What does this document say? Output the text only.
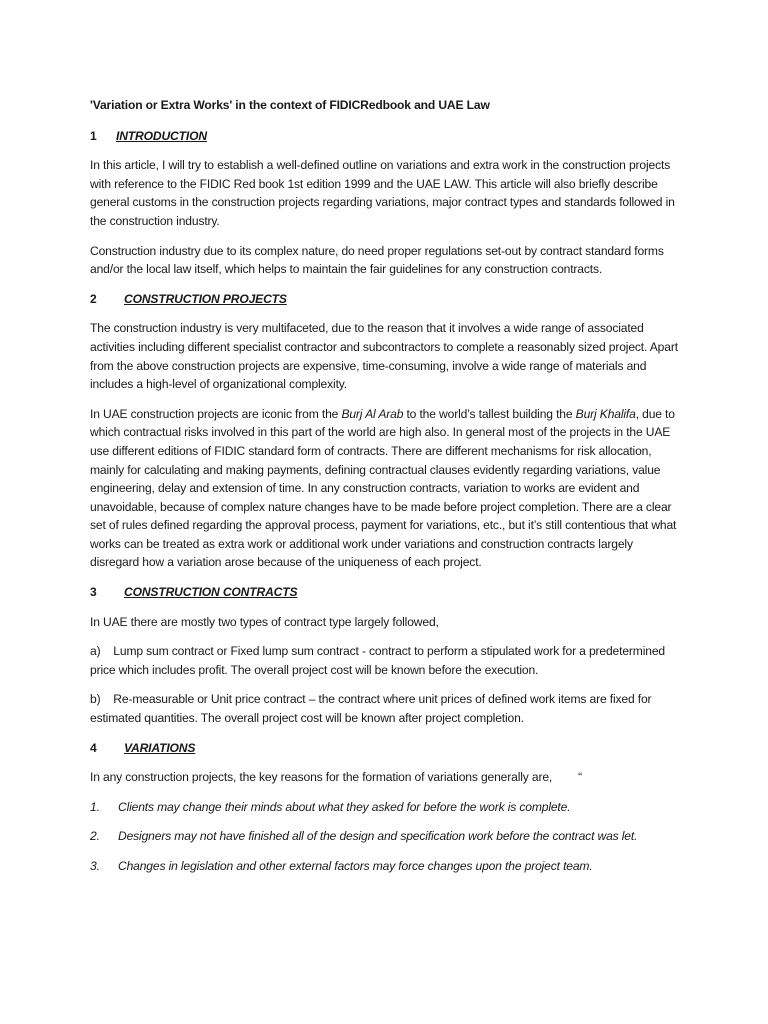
'Variation or Extra Works' in the context of FIDICRedbook and UAE Law

1 INTRODUCTION

In this article, I will try to establish a well-defined outline on variations and extra work in the construction projects with reference to the FIDIC Red book 1st edition 1999 and the UAE LAW. This article will also briefly describe general customs in the construction projects regarding variations, major contract types and standards followed in the construction industry.

Construction industry due to its complex nature, do need proper regulations set-out by contract standard forms and/or the local law itself, which helps to maintain the fair guidelines for any construction contracts.

2 CONSTRUCTION PROJECTS

The construction industry is very multifaceted, due to the reason that it involves a wide range of associated activities including different specialist contractor and subcontractors to complete a reasonably sized project. Apart from the above construction projects are expensive, time-consuming, involve a wide range of materials and includes a high-level of organizational complexity.

In UAE construction projects are iconic from the Burj Al Arab to the world’s tallest building the Burj Khalifa, due to which contractual risks involved in this part of the world are high also. In general most of the projects in the UAE use different editions of FIDIC standard form of contracts. There are different mechanisms for risk allocation, mainly for calculating and making payments, defining contractual clauses evidently regarding variations, value engineering, delay and extension of time. In any construction contracts, variation to works are evident and unavoidable, because of complex nature changes have to be made before project completion. There are a clear set of rules defined regarding the approval process, payment for variations, etc., but it’s still contentious that what works can be treated as extra work or additional work under variations and construction contracts largely disregard how a variation arose because of the uniqueness of each project.

3 CONSTRUCTION CONTRACTS

In UAE there are mostly two types of contract type largely followed,

a)    Lump sum contract or Fixed lump sum contract - contract to perform a stipulated work for a predetermined price which includes profit. The overall project cost will be known before the execution.

b)    Re-measurable or Unit price contract – the contract where unit prices of defined work items are fixed for estimated quantities. The overall project cost will be known after project completion.

4 VARIATIONS

In any construction projects, the key reasons for the formation of variations generally are, “

1. Clients may change their minds about what they asked for before the work is complete.

2. Designers may not have finished all of the design and specification work before the contract was let.

3. Changes in legislation and other external factors may force changes upon the project team.
